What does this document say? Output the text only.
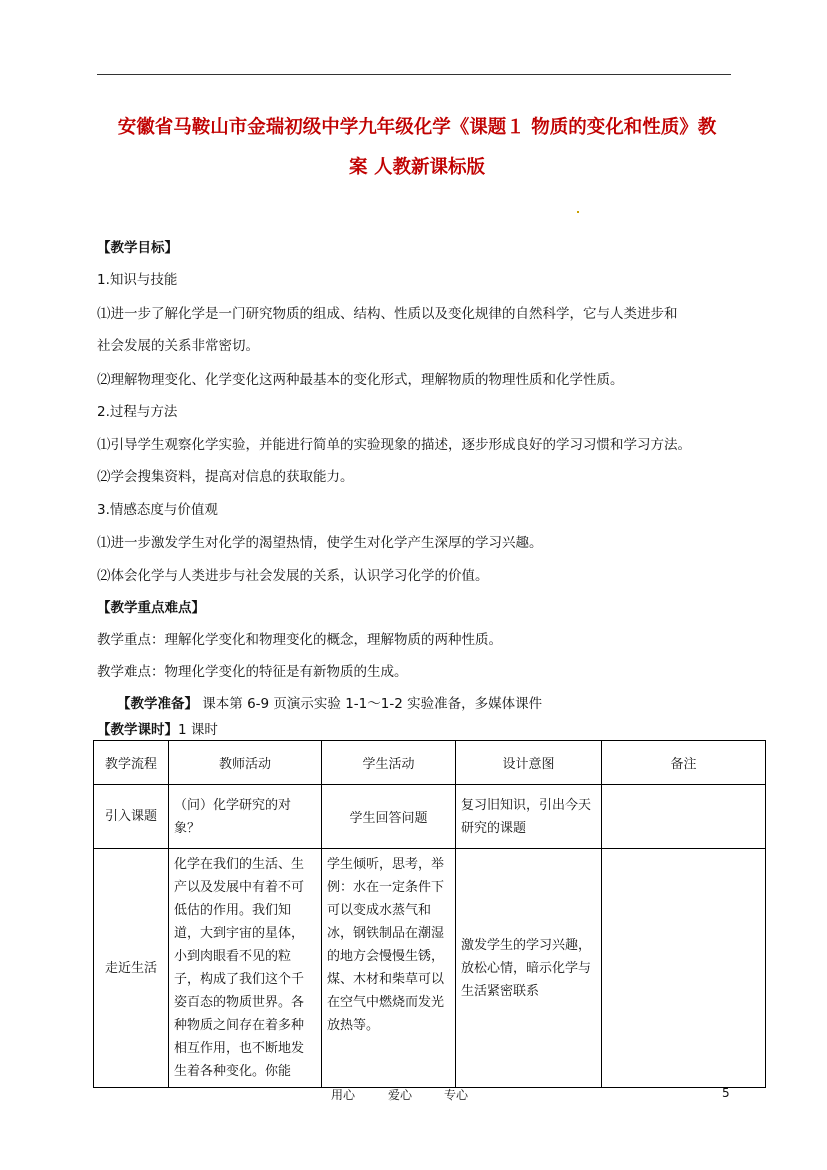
安徽省马鞍山市金瑞初级中学九年级化学《课题１ 物质的变化和性质》教
案 人教新课标版
【教学目标】
1.知识与技能
⑴进一步了解化学是一门研究物质的组成、结构、性质以及变化规律的自然科学，它与人类进步和
社会发展的关系非常密切。
⑵理解物理变化、化学变化这两种最基本的变化形式，理解物质的物理性质和化学性质。
2.过程与方法
⑴引导学生观察化学实验，并能进行简单的实验现象的描述，逐步形成良好的学习习惯和学习方法。
⑵学会搜集资料，提高对信息的获取能力。
3.情感态度与价值观
⑴进一步激发学生对化学的渴望热情，使学生对化学产生深厚的学习兴趣。
⑵体会化学与人类进步与社会发展的关系，认识学习化学的价值。
【教学重点难点】
教学重点：理解化学变化和物理变化的概念，理解物质的两种性质。
教学难点：物理化学变化的特征是有新物质的生成。
【教学准备】 课本第 6-9 页演示实验 1-1～1-2 实验准备，多媒体课件
【教学课时】1 课时
教学流程	教师活动	学生活动	设计意图	备注
引入课题	（问）化学研究的对象？	学生回答问题	复习旧知识，引出今天研究的课题	
走近生活	化学在我们的生活、生产以及发展中有着不可低估的作用。我们知道，大到宇宙的星体，小到肉眼看不见的粒子，构成了我们这个千姿百态的物质世界。各种物质之间存在着多种相互作用，也不断地发生着各种变化。你能	学生倾听，思考，举例：水在一定条件下可以变成水蒸气和冰，钢铁制品在潮湿的地方会慢慢生锈，煤、木材和柴草可以在空气中燃烧而发光放热等。	激发学生的学习兴趣，放松心情，暗示化学与生活紧密联系	
用心	爱心	专心	5
